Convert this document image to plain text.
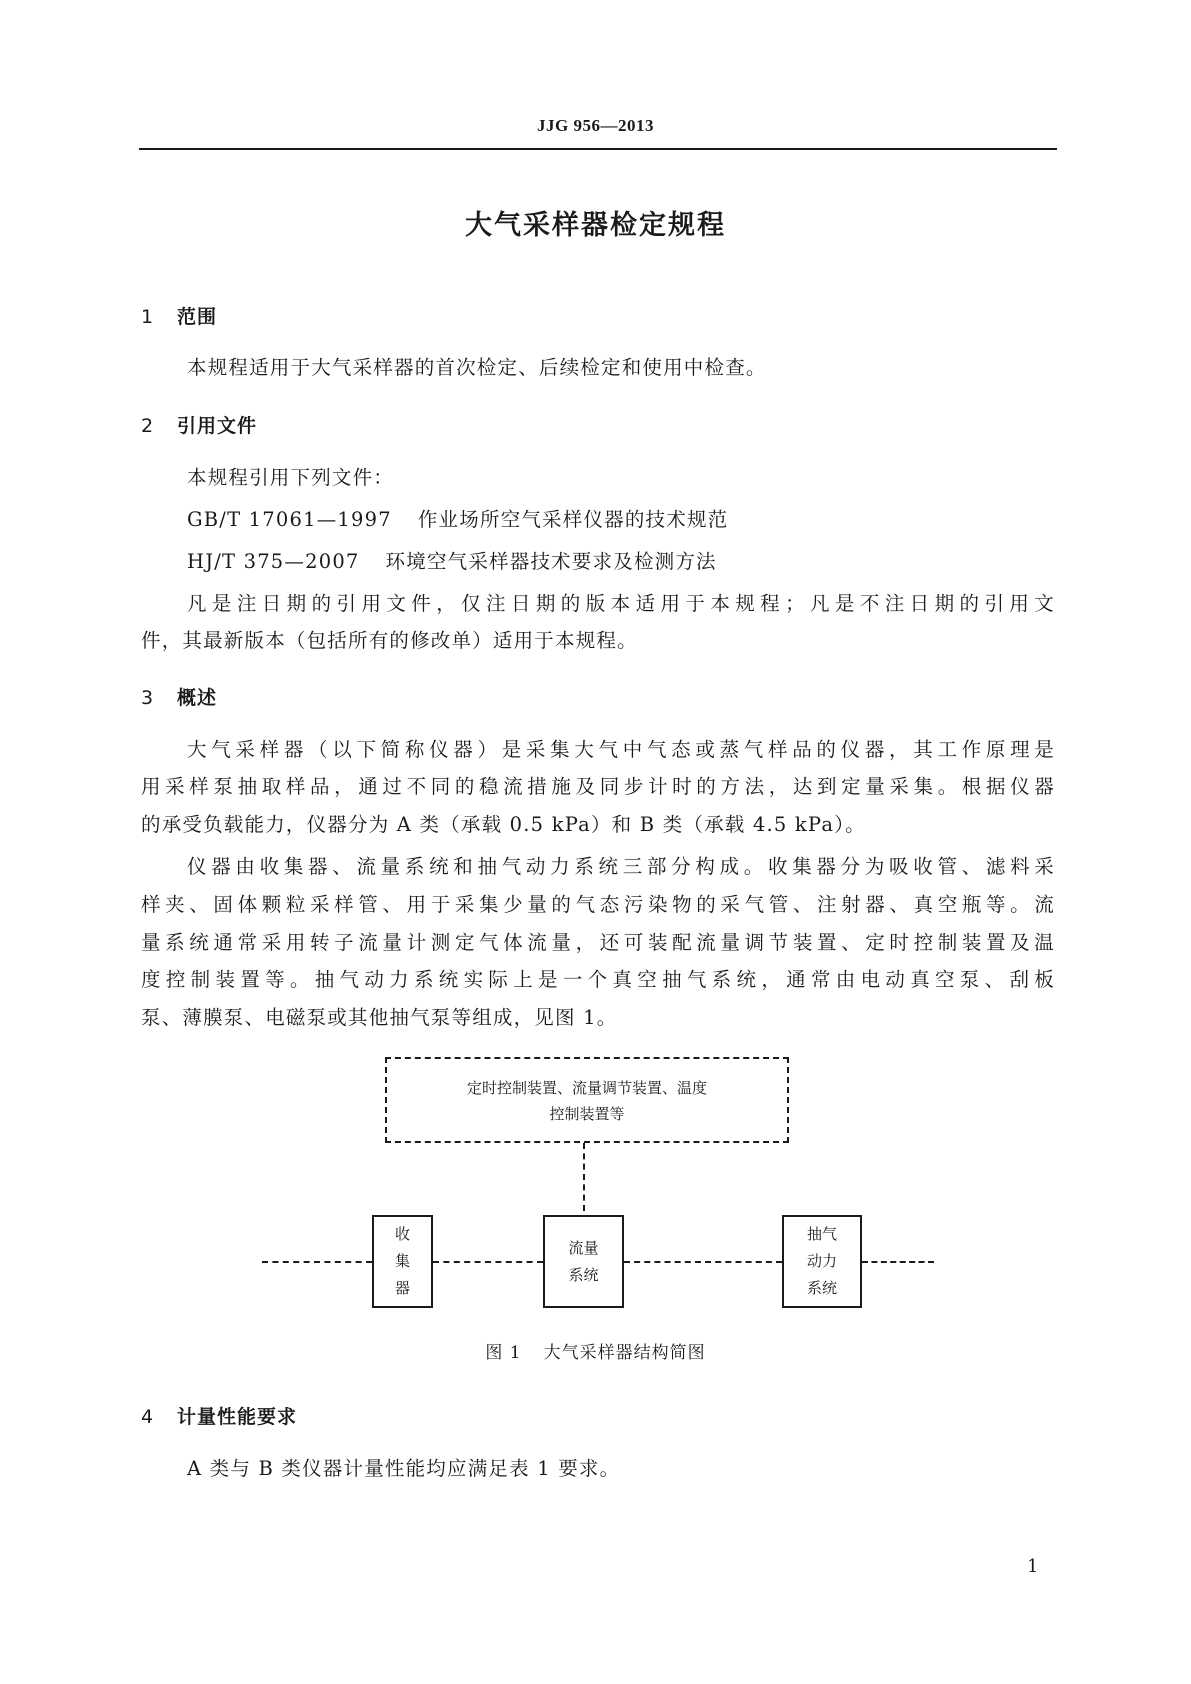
JJG 956—2013
大气采样器检定规程
1 范围
本规程适用于大气采样器的首次检定、后续检定和使用中检查。
2 引用文件
本规程引用下列文件：
GB/T 17061—1997 作业场所空气采样仪器的技术规范
HJ/T 375—2007 环境空气采样器技术要求及检测方法
凡是注日期的引用文件，仅注日期的版本适用于本规程；凡是不注日期的引用文
件，其最新版本（包括所有的修改单）适用于本规程。
3 概述
大气采样器（以下简称仪器）是采集大气中气态或蒸气样品的仪器，其工作原理是
用采样泵抽取样品，通过不同的稳流措施及同步计时的方法，达到定量采集。根据仪器
的承受负载能力，仪器分为 A 类（承载 0.5 kPa）和 B 类（承载 4.5 kPa）。
仪器由收集器、流量系统和抽气动力系统三部分构成。收集器分为吸收管、滤料采
样夹、固体颗粒采样管、用于采集少量的气态污染物的采气管、注射器、真空瓶等。流
量系统通常采用转子流量计测定气体流量，还可装配流量调节装置、定时控制装置及温
度控制装置等。抽气动力系统实际上是一个真空抽气系统，通常由电动真空泵、刮板
泵、薄膜泵、电磁泵或其他抽气泵等组成，见图 1。
定时控制装置、流量调节装置、温度
控制装置等
收
集
器
流量
系统
抽气
动力
系统
图 1 大气采样器结构简图
4 计量性能要求
A 类与 B 类仪器计量性能均应满足表 1 要求。
1
